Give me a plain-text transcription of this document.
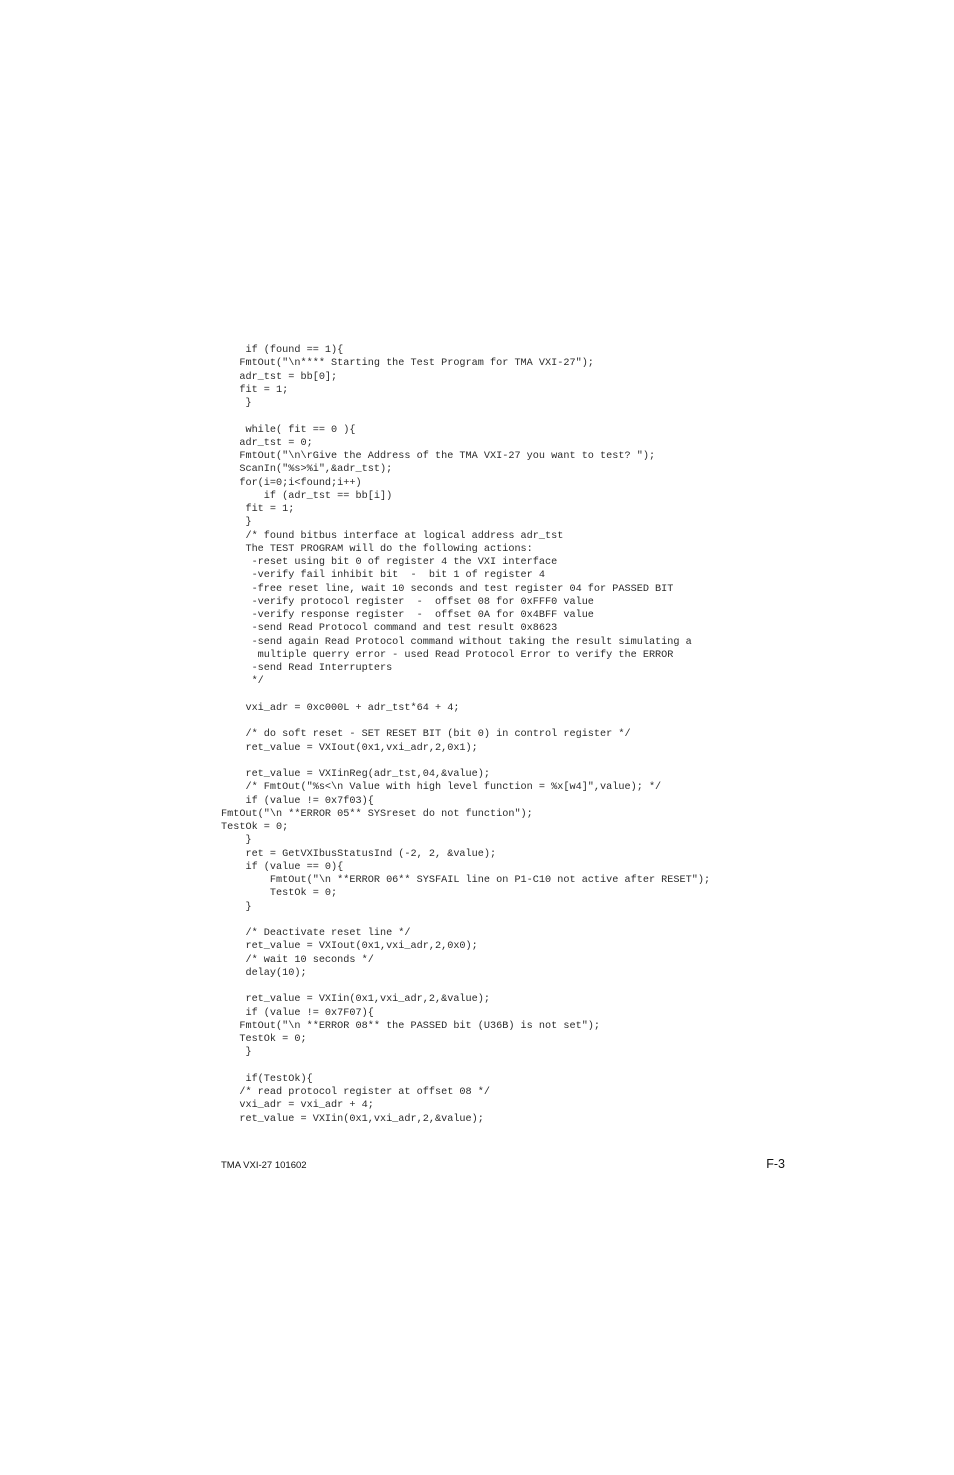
if (found == 1){
FmtOut("\n**** Starting the Test Program for TMA VXI-27");
adr_tst = bb[0];
fit = 1;
}
while( fit == 0 ){
adr_tst = 0;
FmtOut("\n\rGive the Address of the TMA VXI-27 you want to test? ");
ScanIn("%s>%i",&adr_tst);
for(i=0;i<found;i++)
if (adr_tst == bb[i])
fit = 1;
}
/* found bitbus interface at logical address adr_tst
The TEST PROGRAM will do the following actions:
-reset using bit 0 of register 4 the VXI interface
-verify fail inhibit bit  -  bit 1 of register 4
-free reset line, wait 10 seconds and test register 04 for PASSED BIT
-verify protocol register  -  offset 08 for 0xFFF0 value
-verify response register  -  offset 0A for 0x4BFF value
-send Read Protocol command and test result 0x8623
-send again Read Protocol command without taking the result simulating a
multiple querry error - used Read Protocol Error to verify the ERROR
-send Read Interrupters
*/
vxi_adr = 0xc000L + adr_tst*64 + 4;
/* do soft reset - SET RESET BIT (bit 0) in control register */
ret_value = VXIout(0x1,vxi_adr,2,0x1);
ret_value = VXIinReg(adr_tst,04,&value);
/* FmtOut("%s<\n Value with high level function = %x[w4]",value); */
if (value != 0x7f03){
FmtOut("\n **ERROR 05** SYSreset do not function");
TestOk = 0;
}
ret = GetVXIbusStatusInd (-2, 2, &value);
if (value == 0){
FmtOut("\n **ERROR 06** SYSFAIL line on P1-C10 not active after RESET");
TestOk = 0;
}
/* Deactivate reset line */
ret_value = VXIout(0x1,vxi_adr,2,0x0);
/* wait 10 seconds */
delay(10);
ret_value = VXIin(0x1,vxi_adr,2,&value);
if (value != 0x7F07){
FmtOut("\n **ERROR 08** the PASSED bit (U36B) is not set");
TestOk = 0;
}
if(TestOk){
/* read protocol register at offset 08 */
vxi_adr = vxi_adr + 4;
ret_value = VXIin(0x1,vxi_adr,2,&value);
TMA VXI-27 101602	F-3
